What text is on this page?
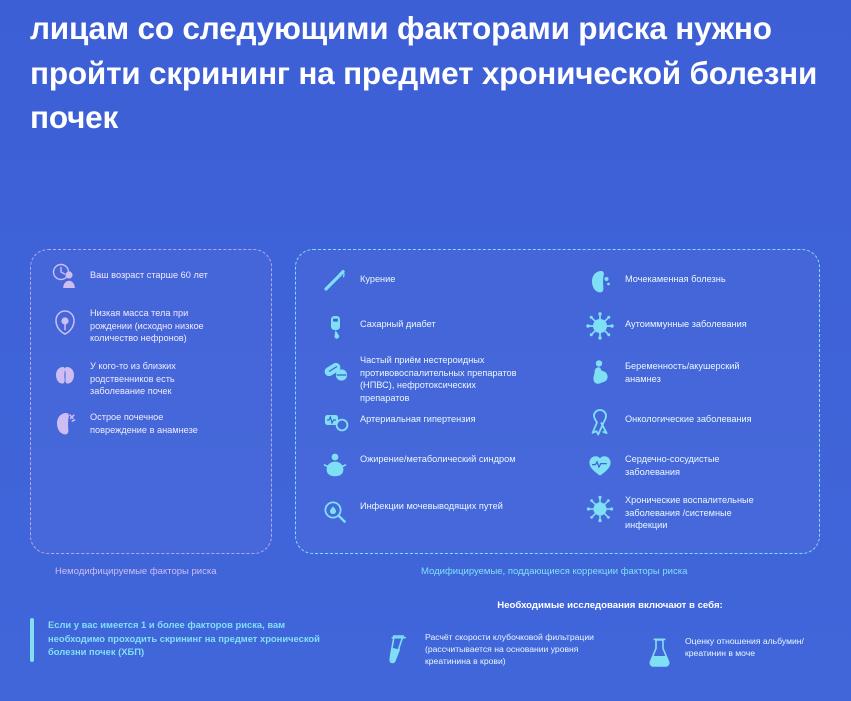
лицам со следующими факторами риска нужно пройти скрининг на предмет хронической болезни почек
Ваш возраст старше 60 лет
Низкая масса тела при рождении (исходно низкое количество нефронов)
У кого-то из близких родственников есть заболевание почек
Острое почечное повреждение в анамнезе
Немодифицируемые факторы риска
Курение
Сахарный диабет
Частый приём нестероидных противовоспалительных препаратов (НПВС), нефротоксических препаратов
Артериальная гипертензия
Ожирение/метаболический синдром
Инфекции мочевыводящих путей
Мочекаменная болезнь
Аутоиммунные заболевания
Беременность/акушерский анамнез
Онкологические заболевания
Сердечно-сосудистые заболевания
Хронические воспалительные заболевания /системные инфекции
Модифицируемые, поддающиеся коррекции факторы риска
Если у вас имеется 1 и более факторов риска, вам необходимо проходить скрининг на предмет хронической болезни почек (ХБП)
Необходимые исследования включают в себя:
Расчёт скорости клубочковой фильтрации (рассчитывается на основании уровня креатинина в крови)
Оценку отношения альбумин/креатинин в моче
